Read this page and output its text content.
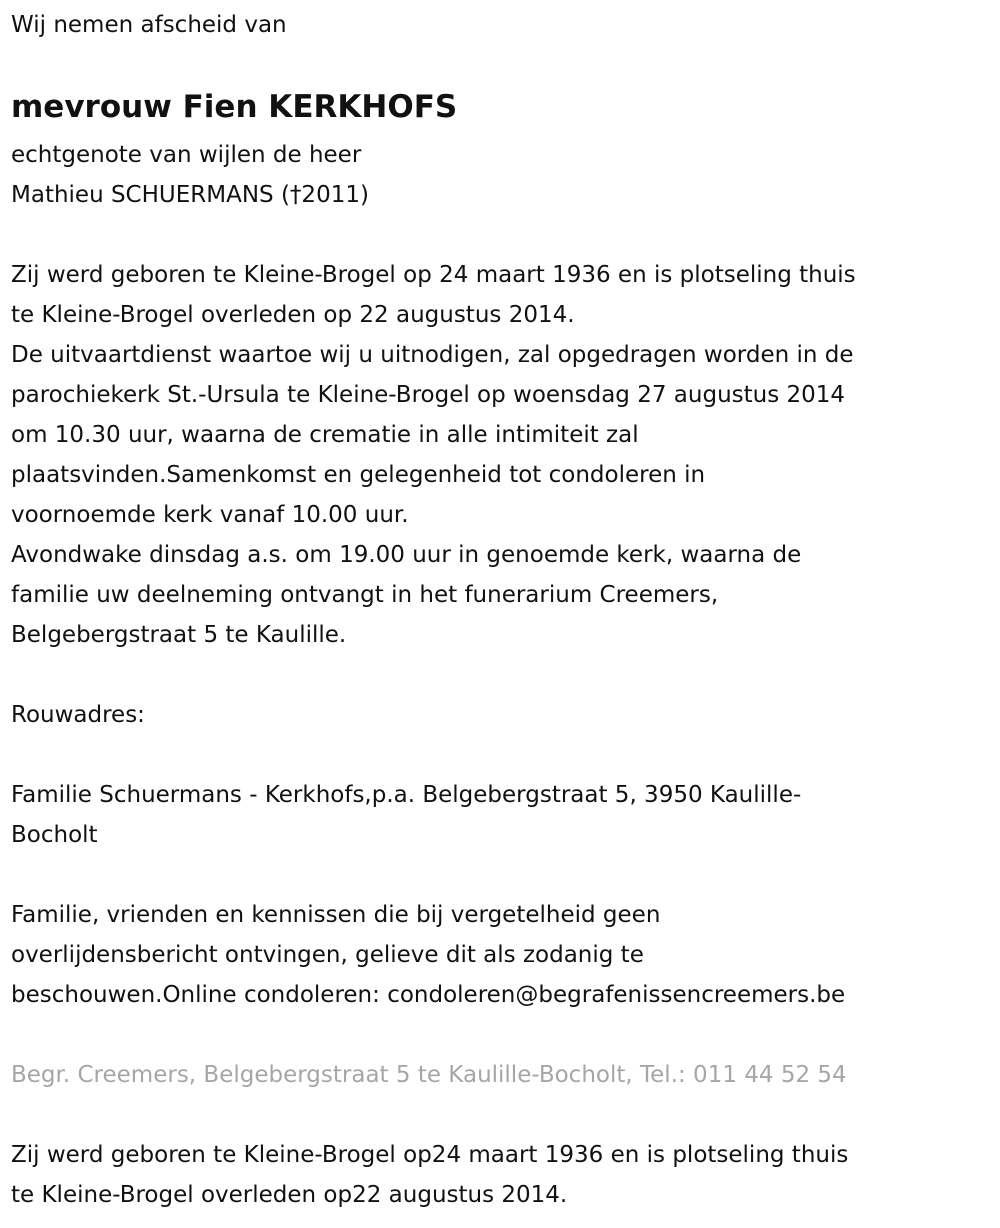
Wij nemen afscheid van
mevrouw Fien KERKHOFS
echtgenote van wijlen de heer
Mathieu SCHUERMANS (†2011)
Zij werd geboren te Kleine-Brogel op 24 maart 1936 en is plotseling thuis
te Kleine-Brogel overleden op 22 augustus 2014.
De uitvaartdienst waartoe wij u uitnodigen, zal opgedragen worden in de
parochiekerk St.-Ursula te Kleine-Brogel op woensdag 27 augustus 2014
om 10.30 uur, waarna de crematie in alle intimiteit zal
plaatsvinden.Samenkomst en gelegenheid tot condoleren in
voornoemde kerk vanaf 10.00 uur.
Avondwake dinsdag a.s. om 19.00 uur in genoemde kerk, waarna de
familie uw deelneming ontvangt in het funerarium Creemers,
Belgebergstraat 5 te Kaulille.
Rouwadres:
Familie Schuermans - Kerkhofs,p.a. Belgebergstraat 5, 3950 Kaulille-
Bocholt
Familie, vrienden en kennissen die bij vergetelheid geen
overlijdensbericht ontvingen, gelieve dit als zodanig te
beschouwen.Online condoleren: condoleren@begrafenissencreemers.be
Begr. Creemers, Belgebergstraat 5 te Kaulille-Bocholt, Tel.: 011 44 52 54
Zij werd geboren te Kleine-Brogel op24 maart 1936 en is plotseling thuis
te Kleine-Brogel overleden op22 augustus 2014.
